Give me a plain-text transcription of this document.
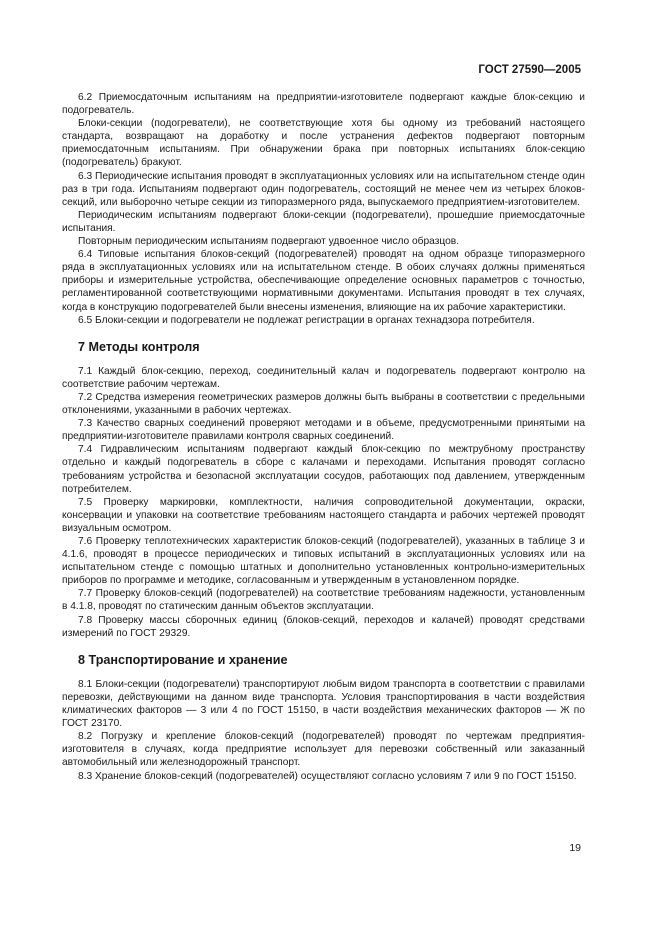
ГОСТ 27590—2005

6.2 Приемосдаточным испытаниям на предприятии-изготовителе подвергают каждые блок-секцию и подогреватель.

Блоки-секции (подогреватели), не соответствующие хотя бы одному из требований настоящего стандарта, возвращают на доработку и после устранения дефектов подвергают повторным приемосдаточным испытаниям. При обнаружении брака при повторных испытаниях блок-секцию (подогреватель) бракуют.

6.3 Периодические испытания проводят в эксплуатационных условиях или на испытательном стенде один раз в три года. Испытаниям подвергают один подогреватель, состоящий не менее чем из четырех блоков-секций, или выборочно четыре секции из типоразмерного ряда, выпускаемого предприятием-изготовителем.

Периодическим испытаниям подвергают блоки-секции (подогреватели), прошедшие приемосдаточные испытания.

Повторным периодическим испытаниям подвергают удвоенное число образцов.

6.4 Типовые испытания блоков-секций (подогревателей) проводят на одном образце типоразмерного ряда в эксплуатационных условиях или на испытательном стенде. В обоих случаях должны применяться приборы и измерительные устройства, обеспечивающие определение основных параметров с точностью, регламентированной соответствующими нормативными документами. Испытания проводят в тех случаях, когда в конструкцию подогревателей были внесены изменения, влияющие на их рабочие характеристики.

6.5 Блоки-секции и подогреватели не подлежат регистрации в органах технадзора потребителя.

7 Методы контроля

7.1 Каждый блок-секцию, переход, соединительный калач и подогреватель подвергают контролю на соответствие рабочим чертежам.

7.2 Средства измерения геометрических размеров должны быть выбраны в соответствии с предельными отклонениями, указанными в рабочих чертежах.

7.3 Качество сварных соединений проверяют методами и в объеме, предусмотренными принятыми на предприятии-изготовителе правилами контроля сварных соединений.

7.4 Гидравлическим испытаниям подвергают каждый блок-секцию по межтрубному пространству отдельно и каждый подогреватель в сборе с калачами и переходами. Испытания проводят согласно требованиям устройства и безопасной эксплуатации сосудов, работающих под давлением, утвержденным потребителем.

7.5 Проверку маркировки, комплектности, наличия сопроводительной документации, окраски, консервации и упаковки на соответствие требованиям настоящего стандарта и рабочих чертежей проводят визуальным осмотром.

7.6 Проверку теплотехнических характеристик блоков-секций (подогревателей), указанных в таблице 3 и 4.1.6, проводят в процессе периодических и типовых испытаний в эксплуатационных условиях или на испытательном стенде с помощью штатных и дополнительно установленных контрольно-измерительных приборов по программе и методике, согласованным и утвержденным в установленном порядке.

7.7 Проверку блоков-секций (подогревателей) на соответствие требованиям надежности, установленным в 4.1.8, проводят по статическим данным объектов эксплуатации.

7.8 Проверку массы сборочных единиц (блоков-секций, переходов и калачей) проводят средствами измерений по ГОСТ 29329.

8 Транспортирование и хранение

8.1 Блоки-секции (подогреватели) транспортируют любым видом транспорта в соответствии с правилами перевозки, действующими на данном виде транспорта. Условия транспортирования в части воздействия климатических факторов — 3 или 4 по ГОСТ 15150, в части воздействия механических факторов — Ж по ГОСТ 23170.

8.2 Погрузку и крепление блоков-секций (подогревателей) проводят по чертежам предприятия-изготовителя в случаях, когда предприятие использует для перевозки собственный или заказанный автомобильный или железнодорожный транспорт.

8.3 Хранение блоков-секций (подогревателей) осуществляют согласно условиям 7 или 9 по ГОСТ 15150.

19
